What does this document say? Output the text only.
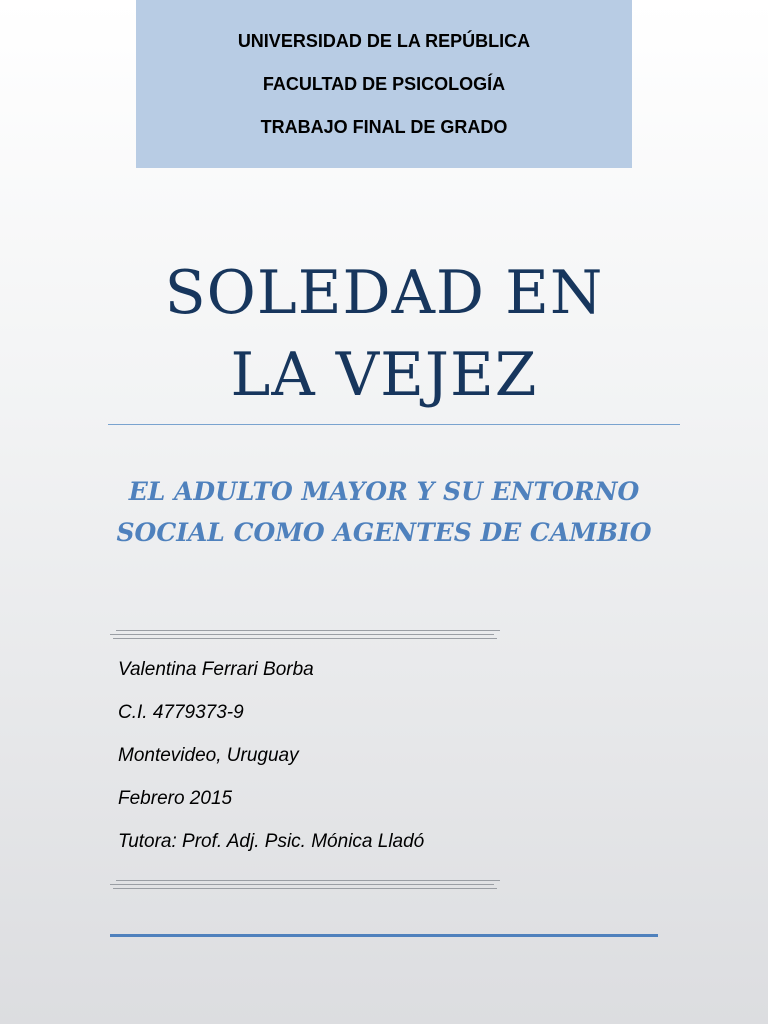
UNIVERSIDAD DE LA REPÚBLICA
FACULTAD DE PSICOLOGÍA
TRABAJO FINAL DE GRADO
SOLEDAD EN
LA VEJEZ
EL ADULTO MAYOR Y SU ENTORNO
SOCIAL COMO AGENTES DE CAMBIO
Valentina Ferrari Borba
C.I. 4779373-9
Montevideo, Uruguay
Febrero 2015
Tutora: Prof. Adj. Psic. Mónica Lladó
